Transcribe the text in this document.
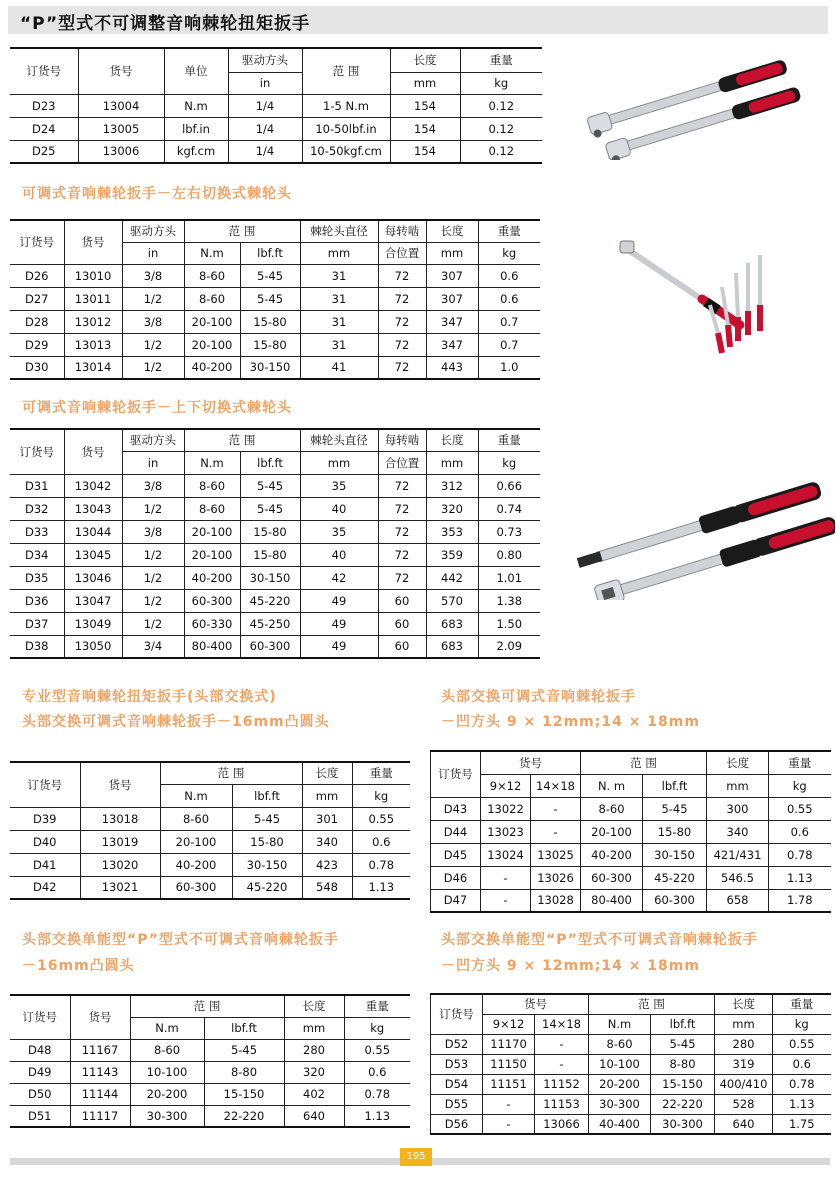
“P”型式不可调整音响棘轮扭矩扳手
订货号	货号	单位	驱动方头	范 围	长度	重量
			in		mm	kg
D23	13004	N.m	1/4	1-5 N.m	154	0.12
D24	13005	lbf.in	1/4	10-50lbf.in	154	0.12
D25	13006	kgf.cm	1/4	10-50kgf.cm	154	0.12
可调式音响棘轮扳手－左右切换式棘轮头
订货号	货号	驱动方头	范 围		棘轮头直径	每转啮	长度	重量
		in	N.m	lbf.ft	mm	合位置	mm	kg
D26	13010	3/8	8-60	5-45	31	72	307	0.6
D27	13011	1/2	8-60	5-45	31	72	307	0.6
D28	13012	3/8	20-100	15-80	31	72	347	0.7
D29	13013	1/2	20-100	15-80	31	72	347	0.7
D30	13014	1/2	40-200	30-150	41	72	443	1.0
可调式音响棘轮扳手－上下切换式棘轮头
订货号	货号	驱动方头	范 围		棘轮头直径	每转啮	长度	重量
		in	N.m	lbf.ft	mm	合位置	mm	kg
D31	13042	3/8	8-60	5-45	35	72	312	0.66
D32	13043	1/2	8-60	5-45	40	72	320	0.74
D33	13044	3/8	20-100	15-80	35	72	353	0.73
D34	13045	1/2	20-100	15-80	40	72	359	0.80
D35	13046	1/2	40-200	30-150	42	72	442	1.01
D36	13047	1/2	60-300	45-220	49	60	570	1.38
D37	13049	1/2	60-330	45-250	49	60	683	1.50
D38	13050	3/4	80-400	60-300	49	60	683	2.09
专业型音响棘轮扭矩扳手(头部交换式)
头部交换可调式音响棘轮扳手－16mm凸圆头
头部交换可调式音响棘轮扳手
－凹方头 9 × 12mm;14 × 18mm
订货号	货号	范 围		长度	重量
		N.m	lbf.ft	mm	kg
D39	13018	8-60	5-45	301	0.55
D40	13019	20-100	15-80	340	0.6
D41	13020	40-200	30-150	423	0.78
D42	13021	60-300	45-220	548	1.13
订货号	货号		范 围		长度	重量
	9×12	14×18	N. m	lbf.ft	mm	kg
D43	13022	-	8-60	5-45	300	0.55
D44	13023	-	20-100	15-80	340	0.6
D45	13024	13025	40-200	30-150	421/431	0.78
D46	-	13026	60-300	45-220	546.5	1.13
D47	-	13028	80-400	60-300	658	1.78
头部交换单能型“P”型式不可调式音响棘轮扳手
－16mm凸圆头
头部交换单能型“P”型式不可调式音响棘轮扳手
－凹方头 9 × 12mm;14 × 18mm
订货号	货号	范 围		长度	重量
		N.m	lbf.ft	mm	kg
D48	11167	8-60	5-45	280	0.55
D49	11143	10-100	8-80	320	0.6
D50	11144	20-200	15-150	402	0.78
D51	11117	30-300	22-220	640	1.13
订货号	货号		范 围		长度	重量
	9×12	14×18	N.m	lbf.ft	mm	kg
D52	11170	-	8-60	5-45	280	0.55
D53	11150	-	10-100	8-80	319	0.6
D54	11151	11152	20-200	15-150	400/410	0.78
D55	-	11153	30-300	22-220	528	1.13
D56	-	13066	40-400	30-300	640	1.75
195
